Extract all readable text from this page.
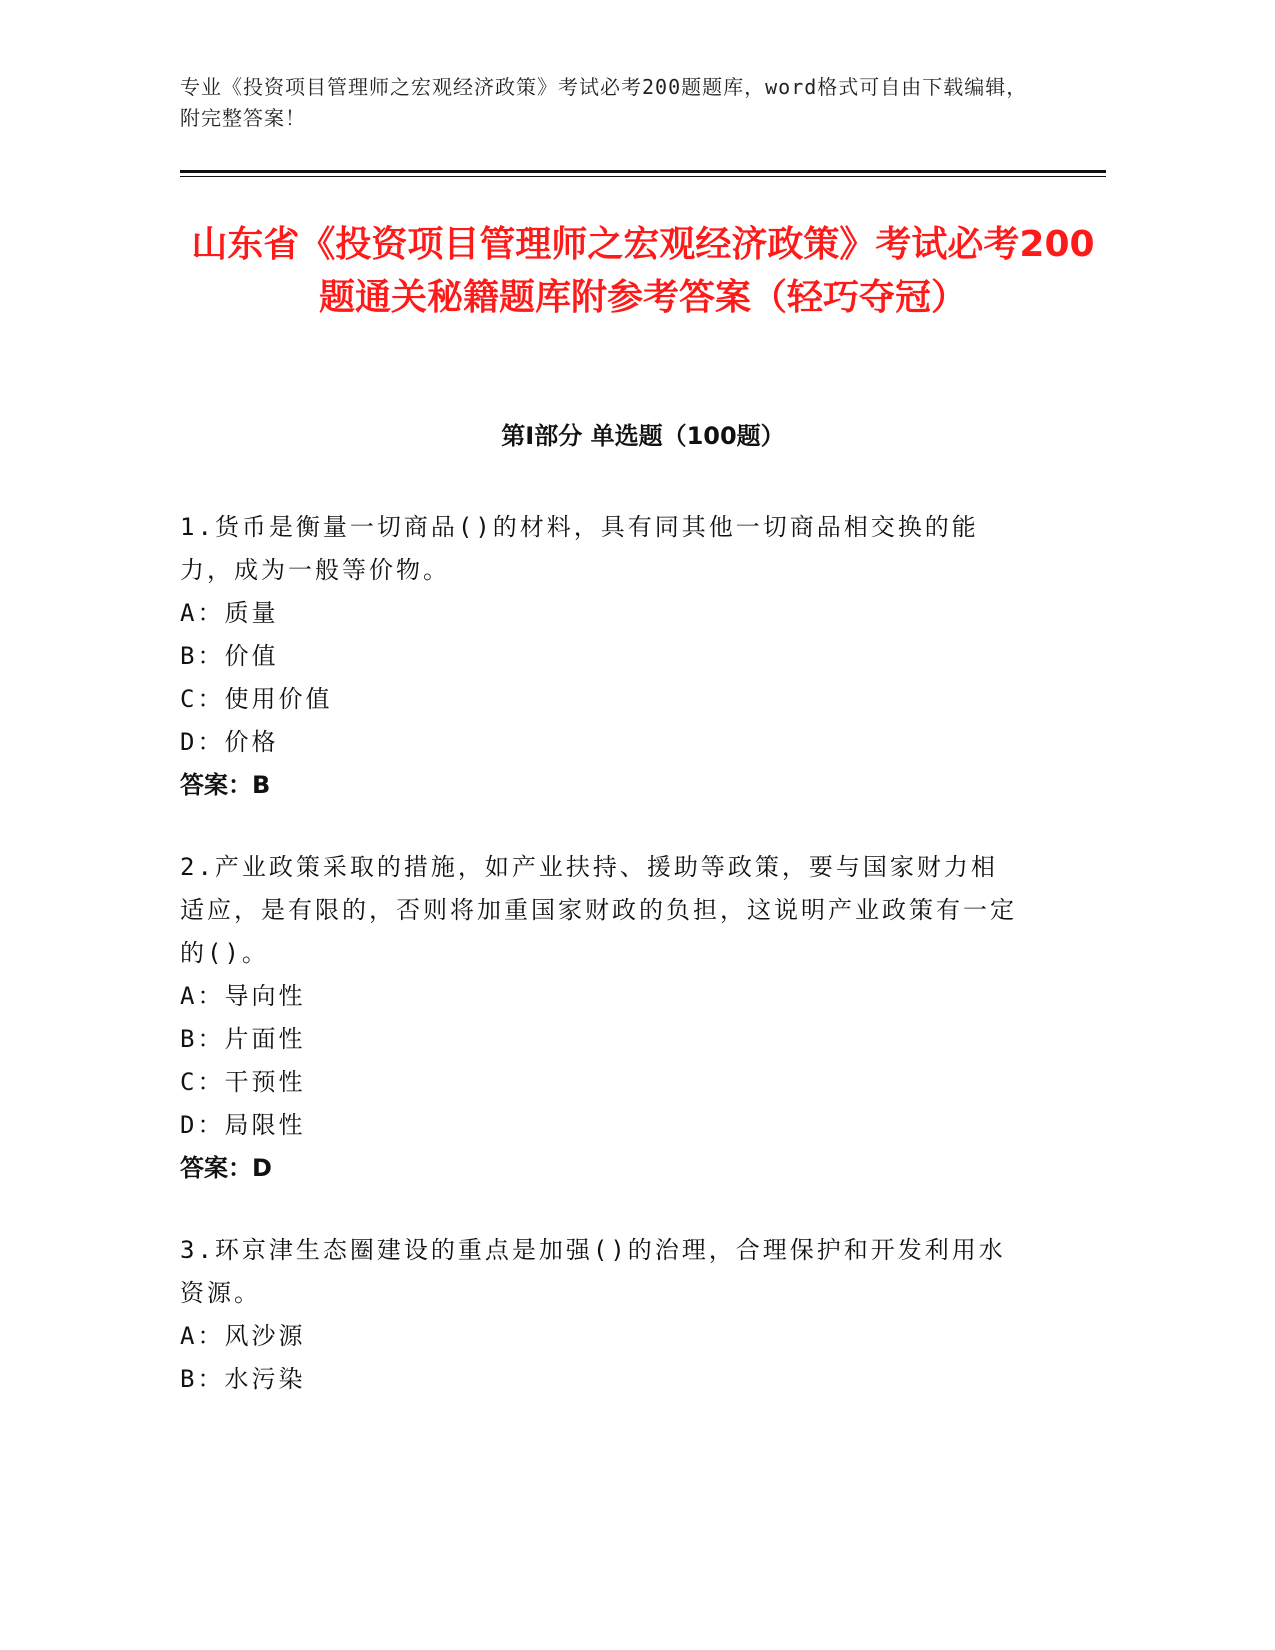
专业《投资项目管理师之宏观经济政策》考试必考200题题库，word格式可自由下载编辑，附完整答案！
山东省《投资项目管理师之宏观经济政策》考试必考200题通关秘籍题库附参考答案（轻巧夺冠）
第Ⅰ部分 单选题（100题）

1.货币是衡量一切商品()的材料，具有同其他一切商品相交换的能力，成为一般等价物。

A：质量

B：价值

C：使用价值

D：价格

答案：B

2.产业政策采取的措施，如产业扶持、援助等政策，要与国家财力相适应，是有限的，否则将加重国家财政的负担，这说明产业政策有一定的()。

A：导向性

B：片面性

C：干预性

D：局限性

答案：D

3.环京津生态圈建设的重点是加强()的治理，合理保护和开发利用水资源。

A：风沙源

B：水污染
